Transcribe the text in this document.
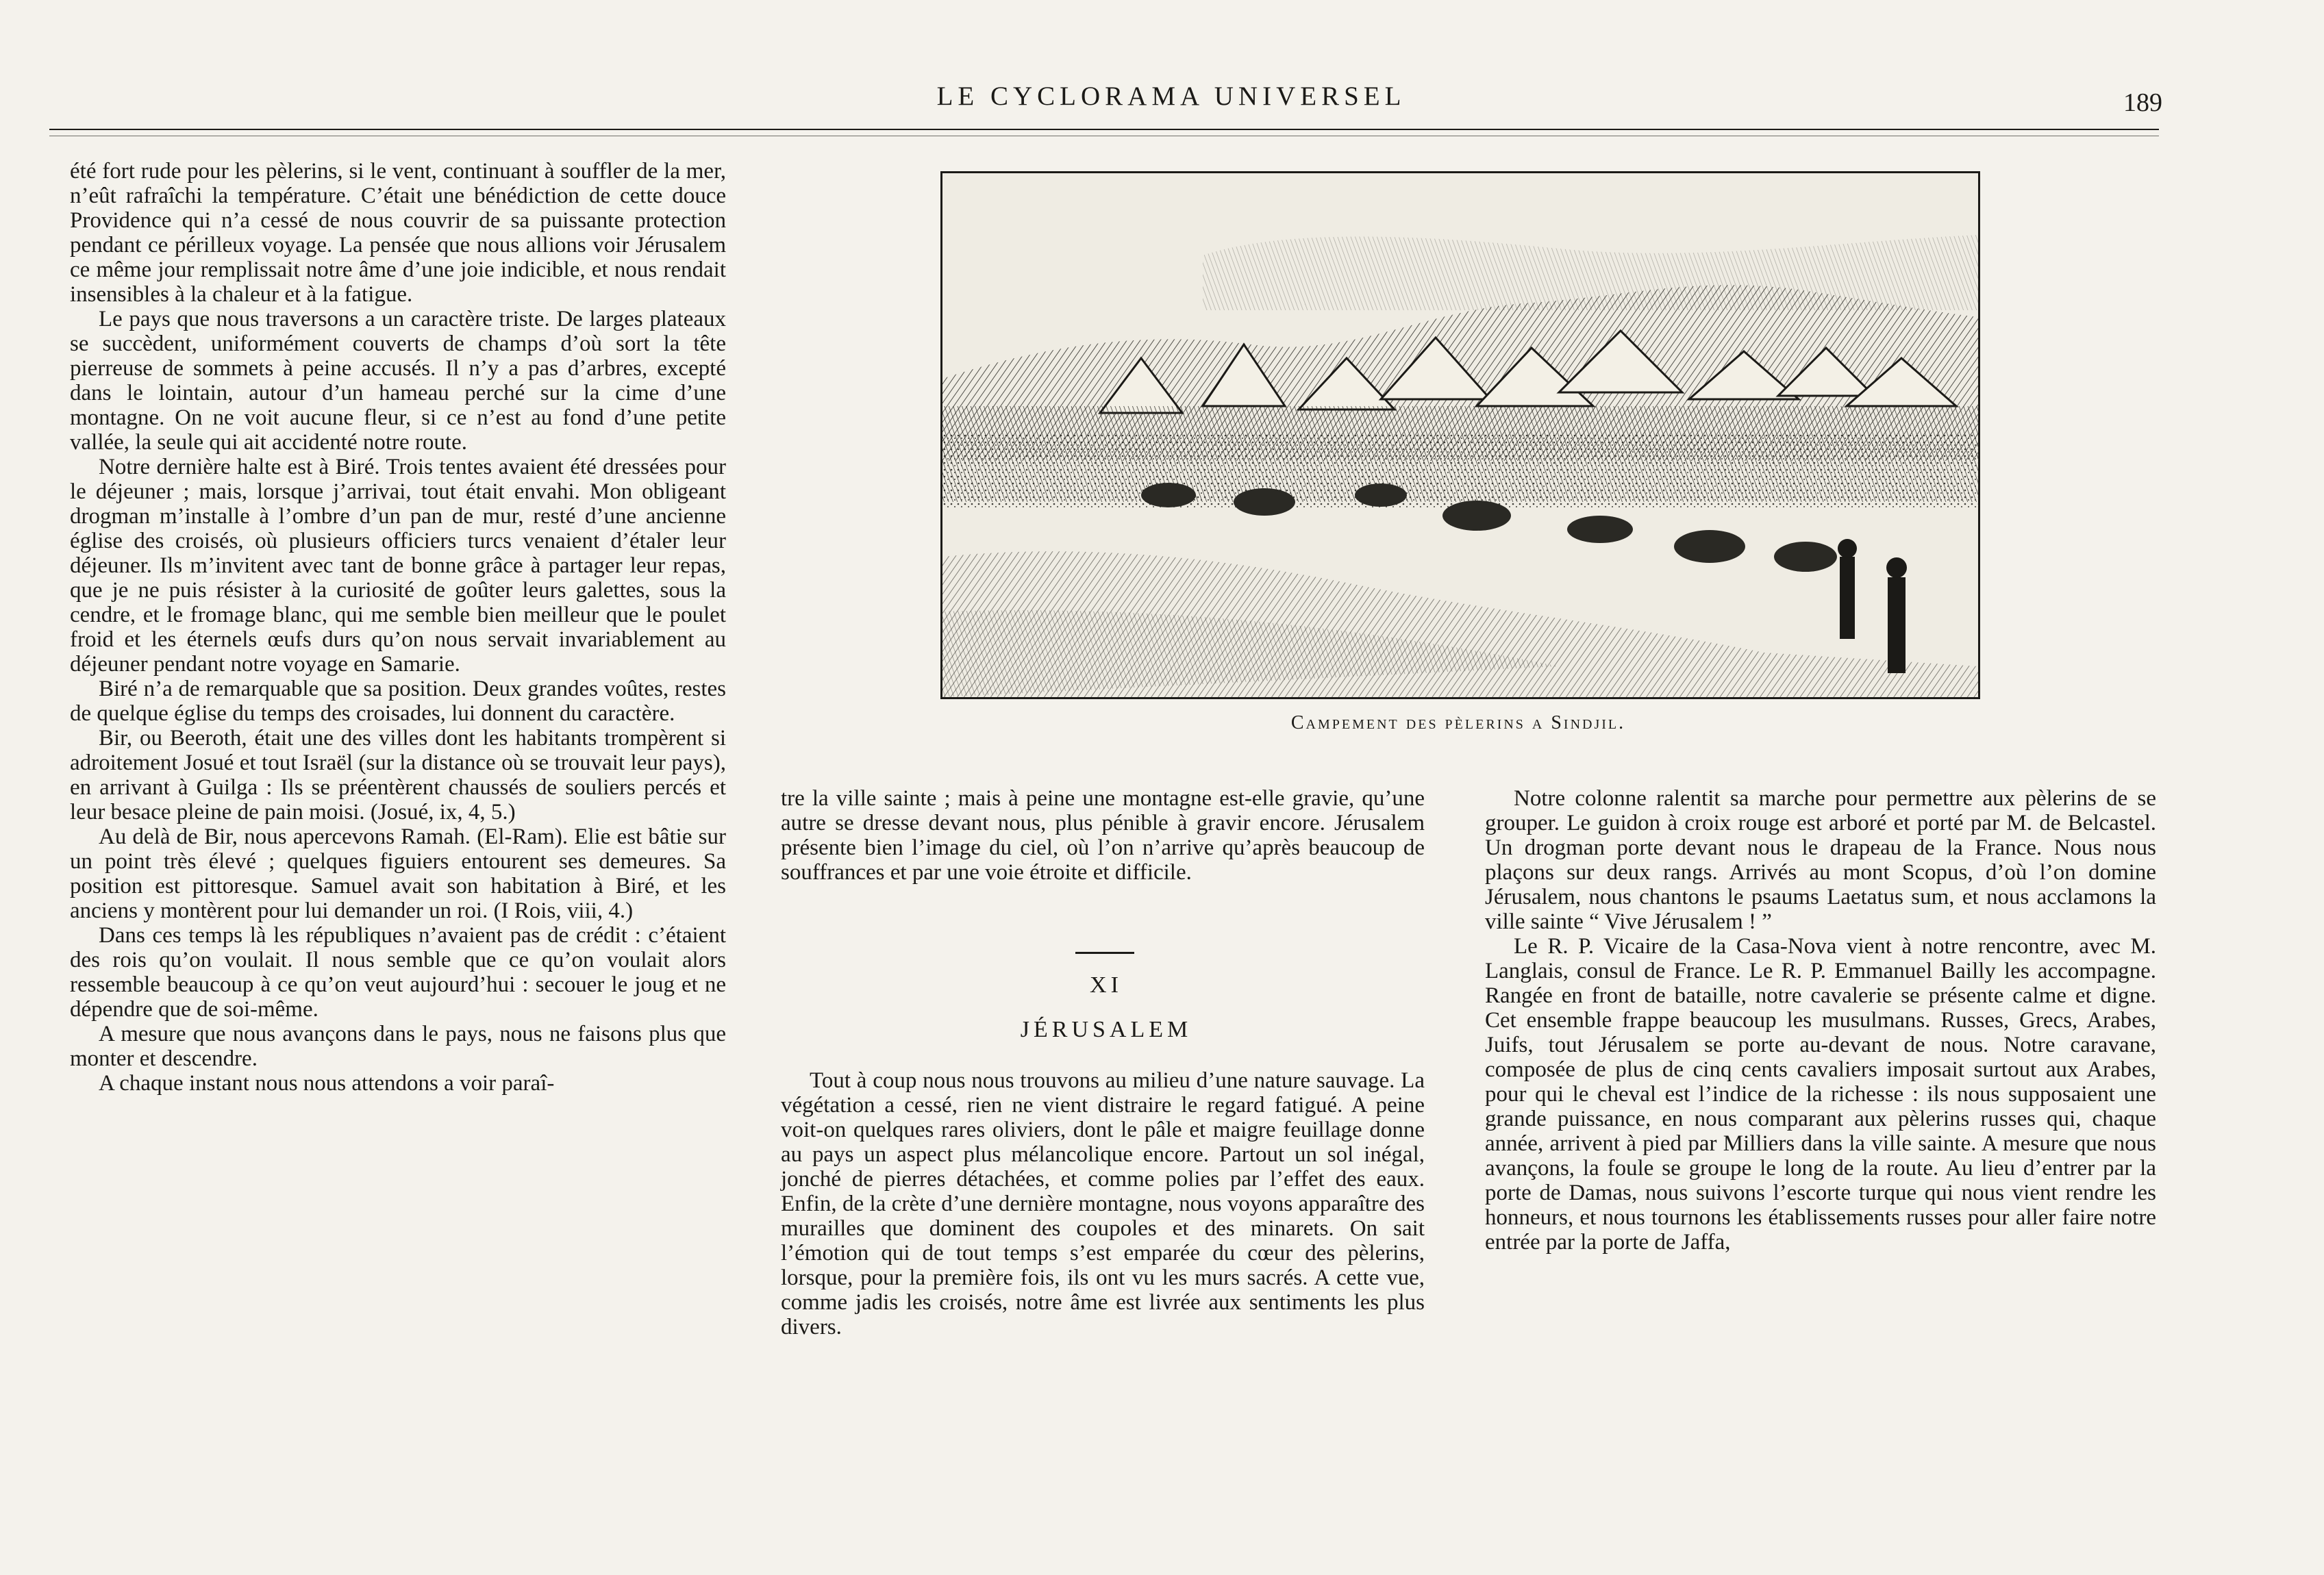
LE CYCLORAMA UNIVERSEL	189

été fort rude pour les pèlerins, si le vent, continuant à souffler de la mer, n’eût rafraîchi la température. C’était une bénédiction de cette douce Providence qui n’a cessé de nous couvrir de sa puissante protection pendant ce périlleux voyage. La pensée que nous allions voir Jérusalem ce même jour remplissait notre âme d’une joie indicible, et nous rendait insensibles à la chaleur et à la fatigue.

Le pays que nous traversons a un caractère triste. De larges plateaux se succèdent, uniformément couverts de champs d’où sort la tête pierreuse de sommets à peine accusés. Il n’y a pas d’arbres, excepté dans le lointain, autour d’un hameau perché sur la cime d’une montagne. On ne voit aucune fleur, si ce n’est au fond d’une petite vallée, la seule qui ait accidenté notre route.

Notre dernière halte est à Biré. Trois tentes avaient été dressées pour le déjeuner ; mais, lorsque j’arrivai, tout était envahi. Mon obligeant drogman m’installe à l’ombre d’un pan de mur, resté d’une ancienne église des croisés, où plusieurs officiers turcs venaient d’étaler leur déjeuner. Ils m’invitent avec tant de bonne grâce à partager leur repas, que je ne puis résister à la curiosité de goûter leurs galettes, sous la cendre, et le fromage blanc, qui me semble bien meilleur que le poulet froid et les éternels œufs durs qu’on nous servait invariablement au déjeuner pendant notre voyage en Samarie.

Biré n’a de remarquable que sa position. Deux grandes voûtes, restes de quelque église du temps des croisades, lui donnent du caractère.

Bir, ou Beeroth, était une des villes dont les habitants trompèrent si adroitement Josué et tout Israël (sur la distance où se trouvait leur pays), en arrivant à Guilga : Ils se préentèrent chaussés de souliers percés et leur besace pleine de pain moisi. (Josué, ix, 4, 5.)

Au delà de Bir, nous apercevons Ramah. (El-Ram). Elie est bâtie sur un point très élevé ; quelques figuiers entourent ses demeures. Sa position est pittoresque. Samuel avait son habitation à Biré, et les anciens y montèrent pour lui demander un roi. (I Rois, viii, 4.)

Dans ces temps là les républiques n’avaient pas de crédit : c’étaient des rois qu’on voulait. Il nous semble que ce qu’on voulait alors ressemble beaucoup à ce qu’on veut aujourd’hui : secouer le joug et ne dépendre que de soi-même.

A mesure que nous avançons dans le pays, nous ne faisons plus que monter et descendre.

A chaque instant nous nous attendons a voir paraî-

Campement des pèlerins a Sindjil.

tre la ville sainte ; mais à peine une montagne est-elle gravie, qu’une autre se dresse devant nous, plus pénible à gravir encore. Jérusalem présente bien l’image du ciel, où l’on n’arrive qu’après beaucoup de souffrances et par une voie étroite et difficile.

XI
JÉRUSALEM

Tout à coup nous nous trouvons au milieu d’une nature sauvage. La végétation a cessé, rien ne vient distraire le regard fatigué. A peine voit-on quelques rares oliviers, dont le pâle et maigre feuillage donne au pays un aspect plus mélancolique encore. Partout un sol inégal, jonché de pierres détachées, et comme polies par l’effet des eaux. Enfin, de la crète d’une dernière montagne, nous voyons apparaître des murailles que dominent des coupoles et des minarets. On sait l’émotion qui de tout temps s’est emparée du cœur des pèlerins, lorsque, pour la première fois, ils ont vu les murs sacrés. A cette vue, comme jadis les croisés, notre âme est livrée aux sentiments les plus divers.

Notre colonne ralentit sa marche pour permettre aux pèlerins de se grouper. Le guidon à croix rouge est arboré et porté par M. de Belcastel. Un drogman porte devant nous le drapeau de la France. Nous nous plaçons sur deux rangs. Arrivés au mont Scopus, d’où l’on domine Jérusalem, nous chantons le psaums Laetatus sum, et nous acclamons la ville sainte “ Vive Jérusalem ! ”

Le R. P. Vicaire de la Casa-Nova vient à notre rencontre, avec M. Langlais, consul de France. Le R. P. Emmanuel Bailly les accompagne. Rangée en front de bataille, notre cavalerie se présente calme et digne. Cet ensemble frappe beaucoup les musulmans. Russes, Grecs, Arabes, Juifs, tout Jérusalem se porte au-devant de nous. Notre caravane, composée de plus de cinq cents cavaliers imposait surtout aux Arabes, pour qui le cheval est l’indice de la richesse : ils nous supposaient une grande puissance, en nous comparant aux pèlerins russes qui, chaque année, arrivent à pied par Milliers dans la ville sainte. A mesure que nous avançons, la foule se groupe le long de la route. Au lieu d’entrer par la porte de Damas, nous suivons l’escorte turque qui nous vient rendre les honneurs, et nous tournons les établissements russes pour aller faire notre entrée par la porte de Jaffa,
